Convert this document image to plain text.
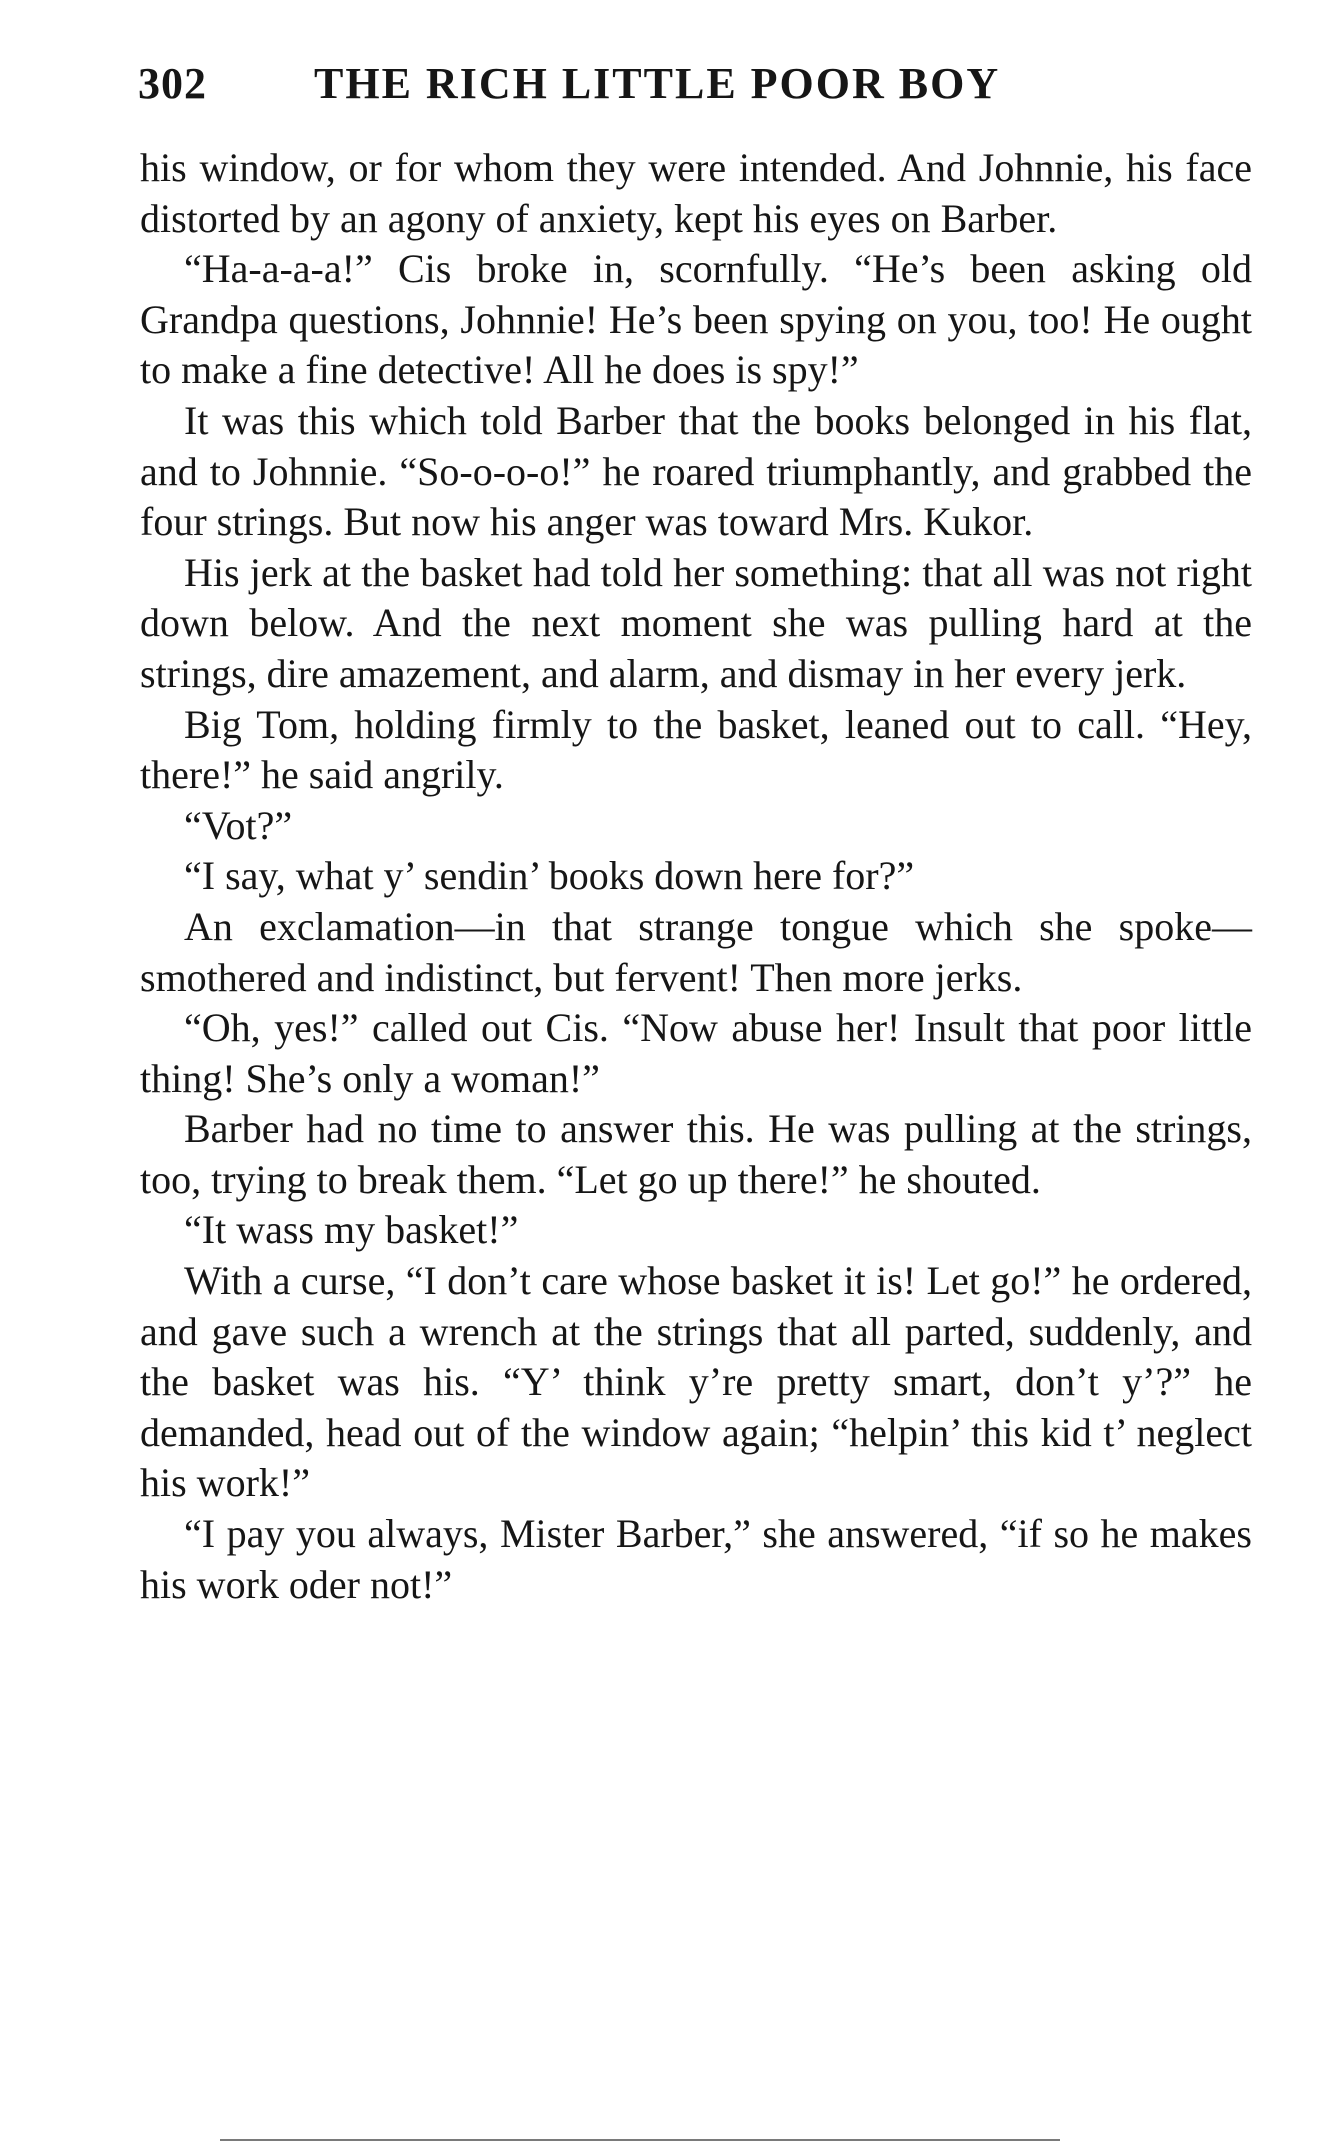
302 THE RICH LITTLE POOR BOY

his window, or for whom they were intended. And Johnnie, his face distorted by an agony of anxiety, kept his eyes on Barber.

“Ha-a-a-a!” Cis broke in, scornfully. “He’s been asking old Grandpa questions, Johnnie! He’s been spying on you, too! He ought to make a fine detective! All he does is spy!”

It was this which told Barber that the books belonged in his flat, and to Johnnie. “So-o-o-o!” he roared triumphantly, and grabbed the four strings. But now his anger was toward Mrs. Kukor.

His jerk at the basket had told her something: that all was not right down below. And the next moment she was pulling hard at the strings, dire amazement, and alarm, and dismay in her every jerk.

Big Tom, holding firmly to the basket, leaned out to call. “Hey, there!” he said angrily.

“Vot?”

“I say, what y’ sendin’ books down here for?”

An exclamation—in that strange tongue which she spoke—smothered and indistinct, but fervent! Then more jerks.

“Oh, yes!” called out Cis. “Now abuse her! Insult that poor little thing! She’s only a woman!”

Barber had no time to answer this. He was pulling at the strings, too, trying to break them. “Let go up there!” he shouted.

“It wass my basket!”

With a curse, “I don’t care whose basket it is! Let go!” he ordered, and gave such a wrench at the strings that all parted, suddenly, and the basket was his. “Y’ think y’re pretty smart, don’t y’?” he demanded, head out of the window again; “helpin’ this kid t’ neglect his work!”

“I pay you always, Mister Barber,” she answered, “if so he makes his work oder not!”
